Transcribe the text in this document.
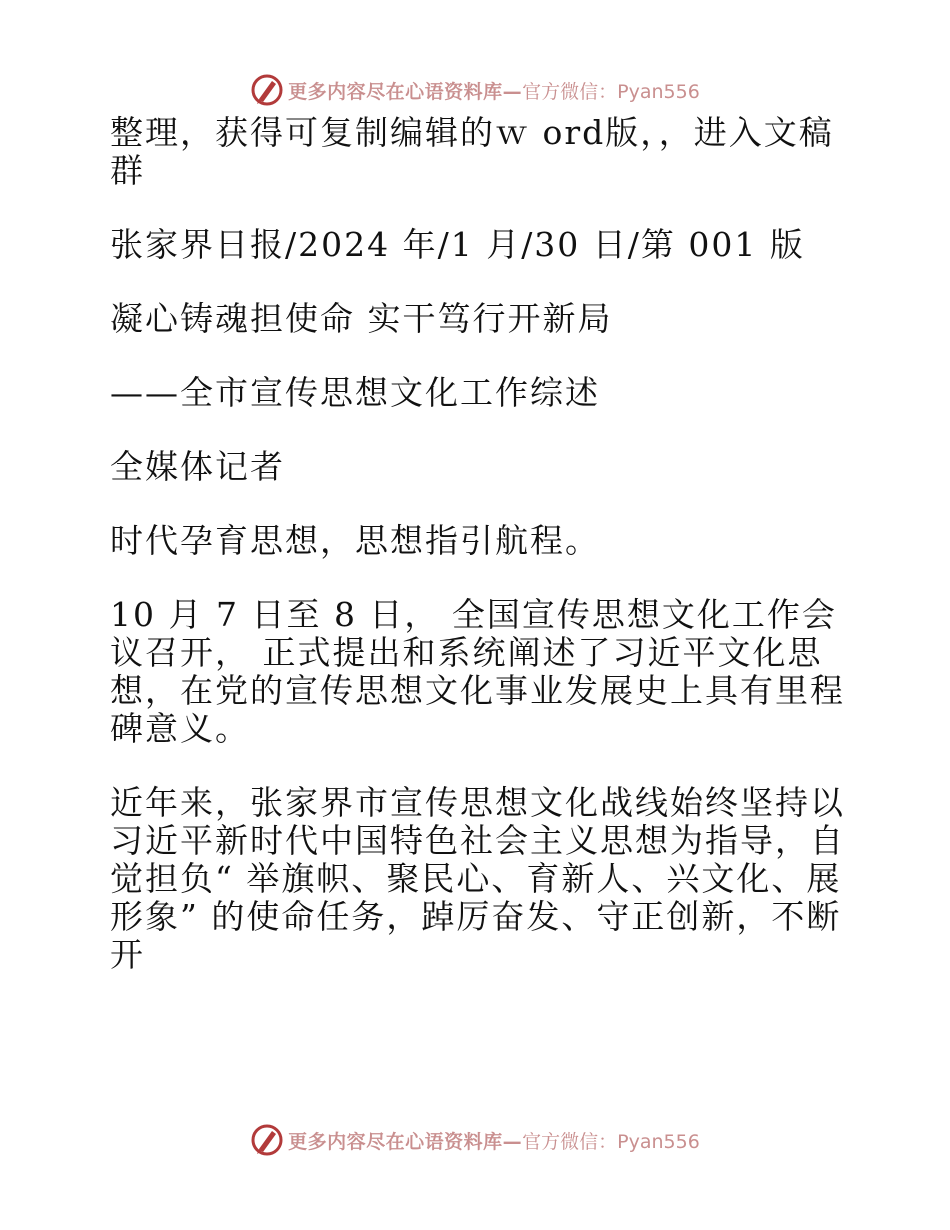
更多内容尽在心语资料库— 官方微信：Pyan556

整理，获得可复制编辑的ｗ ord版，，进入文稿群

张家界日报/2024 年/1 月/30 日/第 001 版

凝心铸魂担使命 实干笃行开新局

——全市宣传思想文化工作综述

全媒体记者

时代孕育思想，思想指引航程。

10 月 7 日至 8 日， 全国宣传思想文化工作会议召开， 正式提出和系统阐述了习近平文化思想，在党的宣传思想文化事业发展史上具有里程碑意义。

近年来，张家界市宣传思想文化战线始终坚持以习近平新时代中国特色社会主义思想为指导，自觉担负“ 举旗帜、聚民心、育新人、兴文化、展形象” 的使命任务，踔厉奋发、守正创新，不断开

更多内容尽在心语资料库— 官方微信：Pyan556
